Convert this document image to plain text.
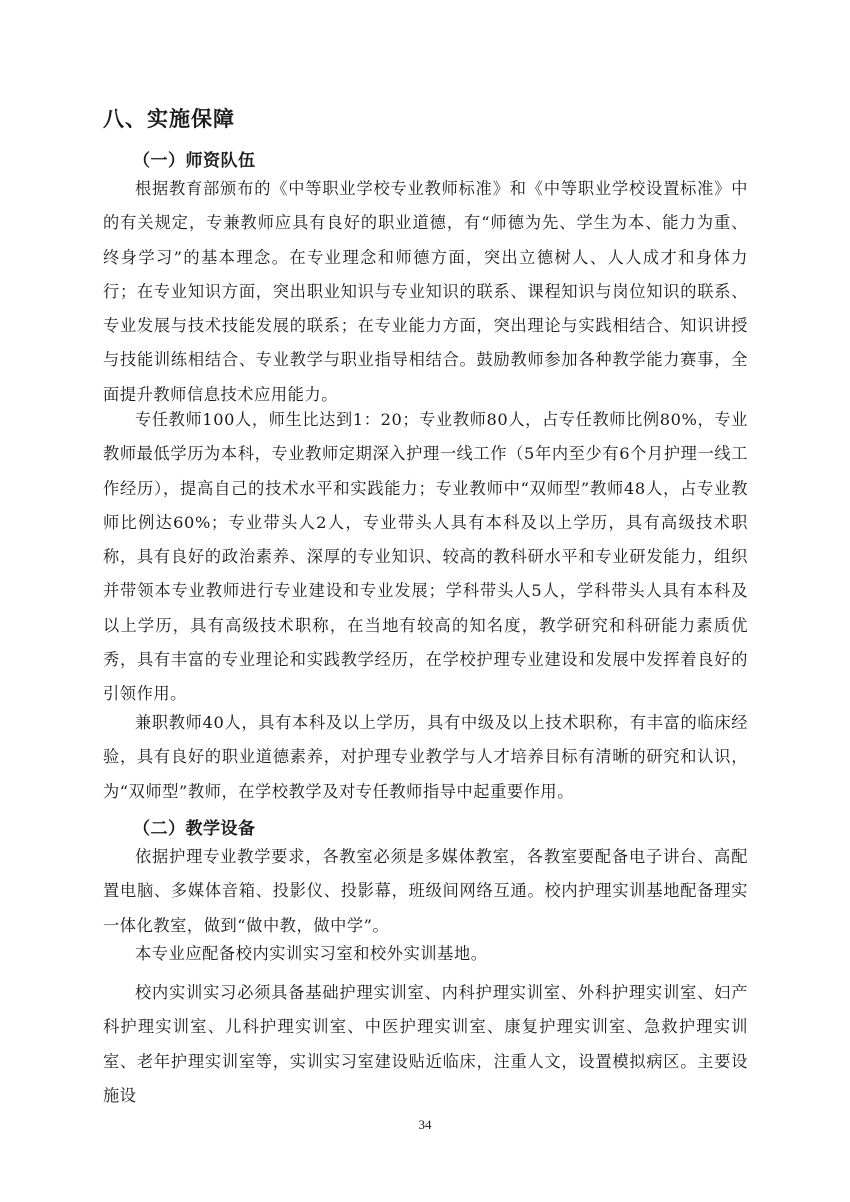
八、实施保障
（一）师资队伍

根据教育部颁布的《中等职业学校专业教师标准》和《中等职业学校设置标准》中的有关规定，专兼教师应具有良好的职业道德，有“师德为先、学生为本、能力为重、终身学习”的基本理念。在专业理念和师德方面，突出立德树人、人人成才和身体力行；在专业知识方面，突出职业知识与专业知识的联系、课程知识与岗位知识的联系、专业发展与技术技能发展的联系；在专业能力方面，突出理论与实践相结合、知识讲授与技能训练相结合、专业教学与职业指导相结合。鼓励教师参加各种教学能力赛事，全面提升教师信息技术应用能力。

专任教师100人，师生比达到1：20；专业教师80人，占专任教师比例80%，专业教师最低学历为本科，专业教师定期深入护理一线工作（5年内至少有6个月护理一线工作经历），提高自己的技术水平和实践能力；专业教师中“双师型”教师48人，占专业教师比例达60%；专业带头人2人，专业带头人具有本科及以上学历，具有高级技术职称，具有良好的政治素养、深厚的专业知识、较高的教科研水平和专业研发能力，组织并带领本专业教师进行专业建设和专业发展；学科带头人5人，学科带头人具有本科及以上学历，具有高级技术职称，在当地有较高的知名度，教学研究和科研能力素质优秀，具有丰富的专业理论和实践教学经历，在学校护理专业建设和发展中发挥着良好的引领作用。

兼职教师40人，具有本科及以上学历，具有中级及以上技术职称，有丰富的临床经验，具有良好的职业道德素养，对护理专业教学与人才培养目标有清晰的研究和认识，为“双师型”教师，在学校教学及对专任教师指导中起重要作用。

（二）教学设备

依据护理专业教学要求，各教室必须是多媒体教室，各教室要配备电子讲台、高配置电脑、多媒体音箱、投影仪、投影幕，班级间网络互通。校内护理实训基地配备理实一体化教室，做到“做中教，做中学”。

本专业应配备校内实训实习室和校外实训基地。

校内实训实习必须具备基础护理实训室、内科护理实训室、外科护理实训室、妇产科护理实训室、儿科护理实训室、中医护理实训室、康复护理实训室、急救护理实训室、老年护理实训室等，实训实习室建设贴近临床，注重人文，设置模拟病区。主要设施设

34
